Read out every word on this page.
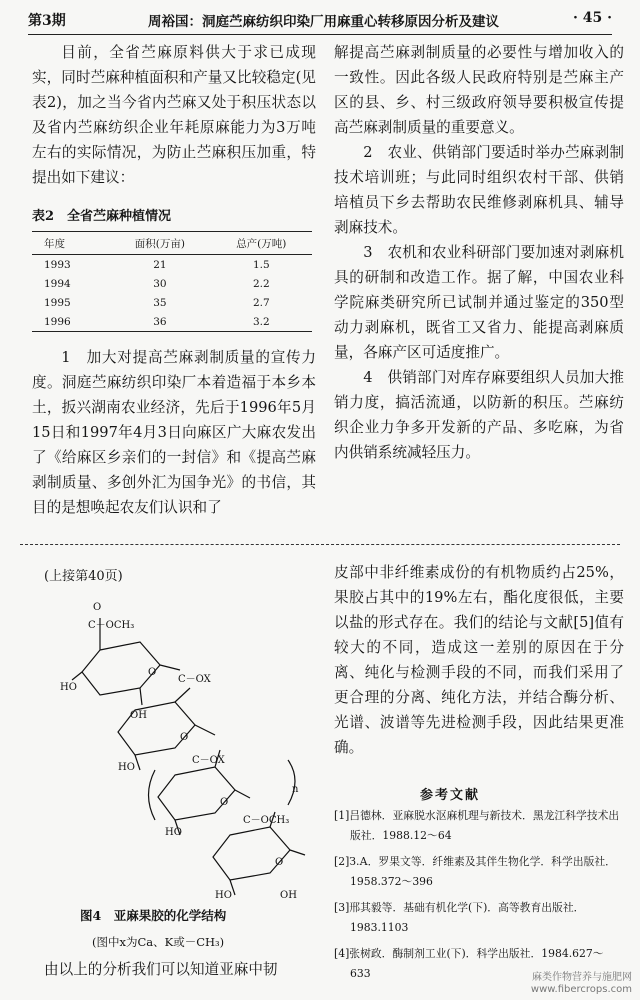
第3期	周裕国：洞庭苎麻纺织印染厂用麻重心转移原因分析及建议	· 45 ·

目前，全省苎麻原料供大于求已成现实，同时苎麻种植面积和产量又比较稳定(见表2)，加之当今省内苎麻又处于积压状态以及省内苎麻纺织企业年耗原麻能力为3万吨左右的实际情况，为防止苎麻积压加重，特提出如下建议：

表2　全省苎麻种植情况
年度	面积(万亩)	总产(万吨)
1993	21	1.5
1994	30	2.2
1995	35	2.7
1996	36	3.2

1　加大对提高苎麻剥制质量的宣传力度。洞庭苎麻纺织印染厂本着造福于本乡本土，扳兴湖南农业经济，先后于1996年5月15日和1997年4月3日向麻区广大麻农发出了《给麻区乡亲们的一封信》和《提高苎麻剥制质量、多创外汇为国争光》的书信，其目的是想唤起农友们认识和了

解提高苎麻剥制质量的必要性与增加收入的一致性。因此各级人民政府特别是苎麻主产区的县、乡、村三级政府领导要积极宣传提高苎麻剥制质量的重要意义。

2　农业、供销部门要适时举办苎麻剥制技术培训班；与此同时组织农村干部、供销培植员下乡去帮助农民维修剥麻机具、辅导剥麻技术。

3　农机和农业科研部门要加速对剥麻机具的研制和改造工作。据了解，中国农业科学院麻类研究所已试制并通过鉴定的350型动力剥麻机，既省工又省力、能提高剥麻质量，各麻产区可适度推广。

4　供销部门对库存麻要组织人员加大推销力度，搞活流通，以防新的积压。苎麻纺织企业力争多开发新的产品、多吃麻，为省内供销系统减轻压力。

(上接第40页)
O
C－OCH₃
HO
O
OH
C－OX
O
HO
C－OX
n
O
HO
C－OCH₃
O
HO	OH
图4　亚麻果胶的化学结构
(图中x为Ca、K或－CH₃)
由以上的分析我们可以知道亚麻中韧

皮部中非纤维素成份的有机物质约占25%，果胶占其中的19%左右，酯化度很低，主要以盐的形式存在。我们的结论与文献[5]值有较大的不同，造成这一差别的原因在于分离、纯化与检测手段的不同，而我们采用了更合理的分离、纯化方法，并结合酶分析、光谱、波谱等先进检测手段，因此结果更准确。

参考文献

[1]吕德林．亚麻脱水沤麻机理与新技术．黑龙江科学技术出版社．1988.12～64

[2]З.А．罗果文等．纤维素及其伴生物化学．科学出版社．1958.372～396

[3]邢其毅等．基础有机化学(下)．高等教育出版社．1983.1103

[4]张树政．酶制剂工业(下)．科学出版社．1984.627～633	麻类作物营养与施肥网
www.fibercrops.com
